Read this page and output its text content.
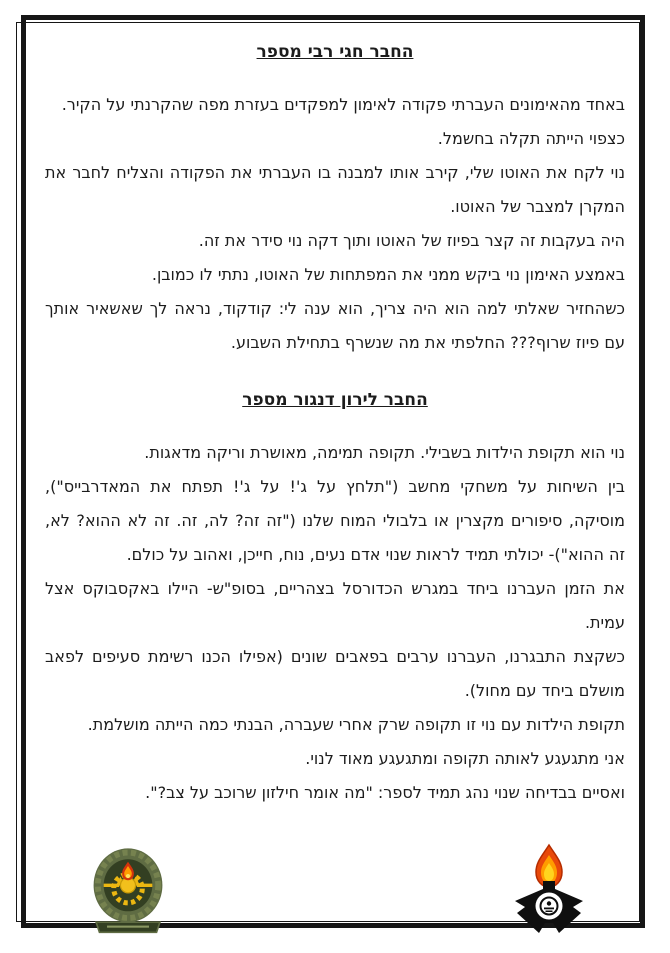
החבר חגי רבי מספר

באחד מהאימונים העברתי פקודה לאימון למפקדים בעזרת מפה שהקרנתי על הקיר.

כצפוי הייתה תקלה בחשמל.

נוי לקח את האוטו שלי, קירב אותו למבנה בו העברתי את הפקודה והצליח לחבר את המקרן למצבר של האוטו.

היה בעקבות זה קצר בפיוז של האוטו ותוך דקה נוי סידר את זה.

באמצע האימון נוי ביקש ממני את המפתחות של האוטו, נתתי לו כמובן.

כשהחזיר שאלתי למה הוא היה צריך, הוא ענה לי: קודקוד, נראה לך שאשאיר אותך עם פיוז שרוף??? החלפתי את מה שנשרף בתחילת השבוע.

החבר לירון דנגור מספר

נוי הוא תקופת הילדות בשבילי. תקופה תמימה, מאושרת וריקה מדאגות.

בין השיחות על משחקי מחשב ("תלחץ על ג'! על ג'! תפתח את המאדרבייס"), מוסיקה, סיפורים מקצרין או בלבולי המוח שלנו ("זה זה? לה, זה. זה לא ההוא? לא, זה ההוא")- יכולתי תמיד לראות שנוי אדם נעים, נוח, חייכן, ואהוב על כולם.

את הזמן העברנו ביחד במגרש הכדורסל בצהריים, בסופ"ש- היילו באקסבוקס אצל עמית.

כשקצת התבגרנו, העברנו ערבים בפאבים שונים (אפילו הכנו רשימת סעיפים לפאב מושלם ביחד עם מחול).

תקופת הילדות עם נוי זו תקופה שרק אחרי שעברה, הבנתי כמה הייתה מושלמת.

אני מתגעגע לאותה תקופה ומתגעגע מאוד לנוי.

ואסיים בבדיחה שנוי נהג תמיד לספר: "מה אומר חילזון שרוכב על צב?".
